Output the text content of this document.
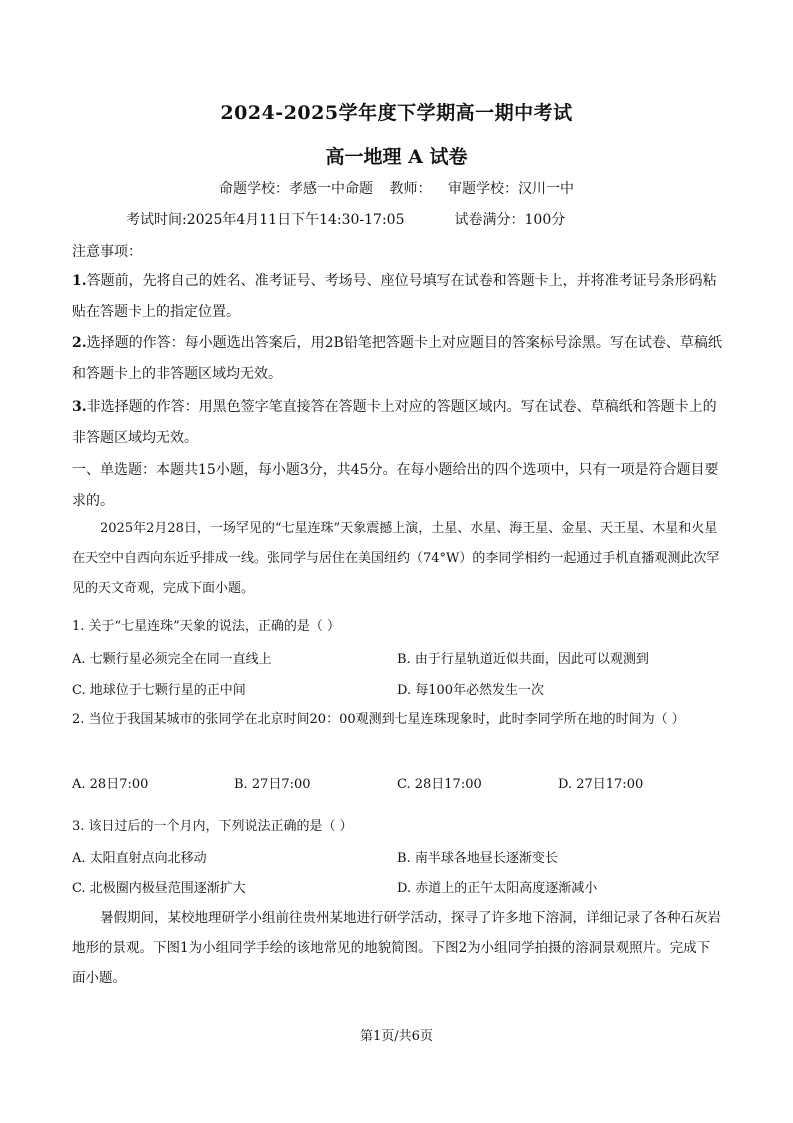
2024-2025学年度下学期高一期中考试
高一地理 A 试卷
命题学校：孝感一中命题 教师： 审题学校：汉川一中
考试时间:2025年4月11日下午14:30-17:05	试卷满分：100分
注意事项：
1.答题前，先将自己的姓名、准考证号、考场号、座位号填写在试卷和答题卡上，并将准考证号条形码粘贴在答题卡上的指定位置。
2.选择题的作答：每小题选出答案后，用2B铅笔把答题卡上对应题目的答案标号涂黑。写在试卷、草稿纸和答题卡上的非答题区域均无效。
3.非选择题的作答：用黑色签字笔直接答在答题卡上对应的答题区域内。写在试卷、草稿纸和答题卡上的非答题区域均无效。
一、单选题：本题共15小题，每小题3分，共45分。在每小题给出的四个选项中，只有一项是符合题目要求的。
2025年2月28日，一场罕见的“七星连珠”天象震撼上演，土星、水星、海王星、金星、天王星、木星和火星在天空中自西向东近乎排成一线。张同学与居住在美国纽约（74°W）的李同学相约一起通过手机直播观测此次罕见的天文奇观，完成下面小题。
1. 关于“七星连珠”天象的说法，正确的是（ ）
A. 七颗行星必须完全在同一直线上	B. 由于行星轨道近似共面，因此可以观测到
C. 地球位于七颗行星的正中间	D. 每100年必然发生一次
2. 当位于我国某城市的张同学在北京时间20：00观测到七星连珠现象时，此时李同学所在地的时间为（ ）
A. 28日7:00	B. 27日7:00	C. 28日17:00	D. 27日17:00
3. 该日过后的一个月内，下列说法正确的是（ ）
A. 太阳直射点向北移动	B. 南半球各地昼长逐渐变长
C. 北极圈内极昼范围逐渐扩大	D. 赤道上的正午太阳高度逐渐减小
暑假期间，某校地理研学小组前往贵州某地进行研学活动，探寻了许多地下溶洞，详细记录了各种石灰岩地形的景观。下图1为小组同学手绘的该地常见的地貌简图。下图2为小组同学拍摄的溶洞景观照片。完成下面小题。
第1页/共6页
